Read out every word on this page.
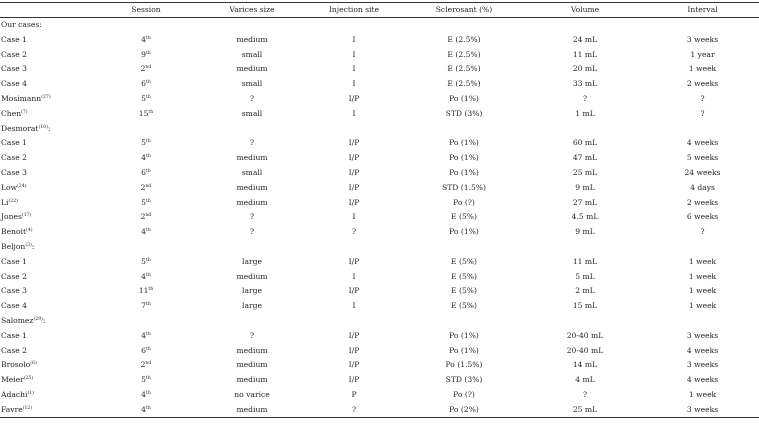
	Session	Varices size	Injection site	Sclerosant (%)	Volume	Interval
Our cases:						
Case 1	4th	medium	I	E (2.5%)	24 mL	3 weeks
Case 2	9th	small	I	E (2.5%)	11 mL	1 year
Case 3	2nd	medium	I	E (2.5%)	20 mL	1 week
Case 4	6th	small	I	E (2.5%)	33 mL	2 weeks
Mosimann$^{(27)}$	5th	?	I/P	Po (1%)	?	?
Chen$^{(7)}$	15th	small	I	STD (3%)	1 mL	?
Desmorat$^{(10)}$:						
Case 1	5th	?	I/P	Po (1%)	60 mL	4 weeks
Case 2	4th	medium	I/P	Po (1%)	47 mL	5 weeks
Case 3	6th	small	I/P	Po (1%)	25 mL	24 weeks
Low$^{(24)}$	2nd	medium	I/P	STD (1.5%)	9 mL	4 days
Li$^{(22)}$	5th	medium	I/P	Po (?)	27 mL	2 weeks
Jones$^{(17)}$	2nd	?	I	E (5%)	4.5 mL	6 weeks
Benoit$^{(4)}$	4th	?	?	Po (1%)	9 mL	?
Beljon$^{(3)}$:						
Case 1	5th	large	I/P	E (5%)	11 mL	1 week
Case 2	4th	medium	I	E (5%)	5 mL	1 week
Case 3	11th	large	I/P	E (5%)	2 mL	1 week
Case 4	7th	large	I	E (5%)	15 mL	1 week
Salomez$^{(29)}$:						
Case 1	4th	?	I/P	Po (1%)	20-40 mL	3 weeks
Case 2	6th	medium	I/P	Po (1%)	20-40 mL	4 weeks
Brosolo$^{(6)}$	2nd	medium	I/P	Po (1.5%)	14 mL	3 weeks
Meier$^{(25)}$	5th	medium	I/P	STD (3%)	4 mL	4 weeks
Adachi$^{(1)}$	4th	no varice	P	Po (?)	?	1 week
Favre$^{(12)}$	4th	medium	?	Po (2%)	25 mL	3 weeks
